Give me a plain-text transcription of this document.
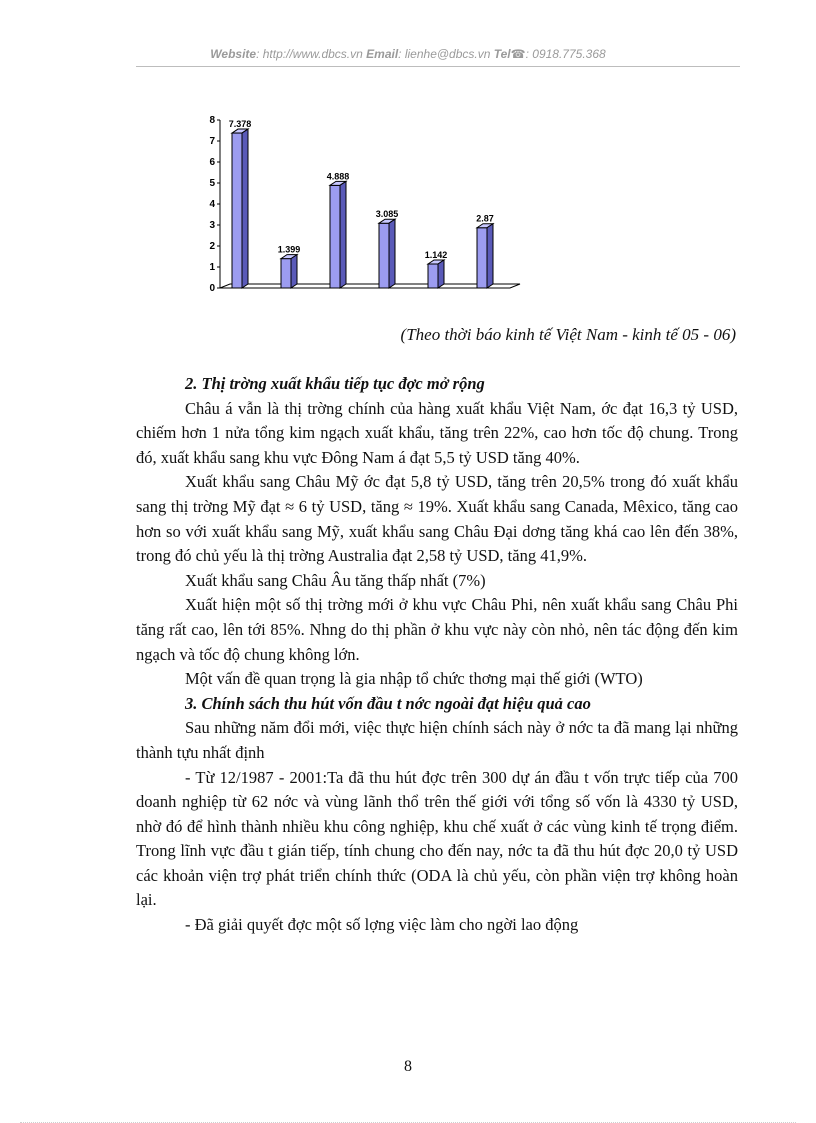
Website: http://www.dbcs.vn Email: lienhe@dbcs.vn Tel☎: 0918.775.368
0
1
2
3
4
5
6
7
8 7.378
1.399
4.888
3.085
1.142
2.87
(Theo thời báo kinh tế Việt Nam - kinh tế 05 - 06)

2. Thị trờng xuất khẩu tiếp tục đợc mở rộng

Châu á vẫn là thị trờng chính của hàng xuất khẩu Việt Nam, ớc đạt 16,3 tỷ USD, chiếm hơn 1 nửa tổng kim ngạch xuất khẩu, tăng trên 22%, cao hơn tốc độ chung. Trong đó, xuất khẩu sang khu vực Đông Nam á đạt 5,5 tỷ USD tăng 40%.

Xuất khẩu sang Châu Mỹ ớc đạt 5,8 tỷ USD, tăng trên 20,5% trong đó xuất khẩu sang thị trờng Mỹ đạt ≈ 6 tỷ USD, tăng ≈ 19%. Xuất khẩu sang Canada, Mêxico, tăng cao hơn so với xuất khẩu sang Mỹ, xuất khẩu sang Châu Đại dơng tăng khá cao lên đến 38%, trong đó chủ yếu là thị trờng Australia đạt 2,58 tỷ USD, tăng 41,9%.

Xuất khẩu sang Châu Âu tăng thấp nhất (7%)

Xuất hiện một số thị trờng mới ở khu vực Châu Phi, nên xuất khẩu sang Châu Phi tăng rất cao, lên tới 85%. Nhng do thị phần ở khu vực này còn nhỏ, nên tác động đến kim ngạch và tốc độ chung không lớn.

Một vấn đề quan trọng là gia nhập tổ chức thơng mại thế giới (WTO)

3. Chính sách thu hút vốn đầu t nớc ngoài đạt hiệu quả cao

Sau những năm đổi mới, việc thực hiện chính sách này ở nớc ta đã mang lại những thành tựu nhất định

- Từ 12/1987 - 2001:Ta đã thu hút đợc trên 300 dự án đầu t vốn trực tiếp của 700 doanh nghiệp từ 62 nớc và vùng lãnh thổ trên thế giới với tổng số vốn là 4330 tỷ USD, nhờ đó để hình thành nhiều khu công nghiệp, khu chế xuất ở các vùng kinh tế trọng điểm. Trong lĩnh vực đầu t gián tiếp, tính chung cho đến nay, nớc ta đã thu hút đợc 20,0 tỷ USD các khoản viện trợ phát triển chính thức (ODA là chủ yếu, còn phần viện trợ không hoàn lại.

- Đã giải quyết đợc một số lợng việc làm cho ngời lao động

8
